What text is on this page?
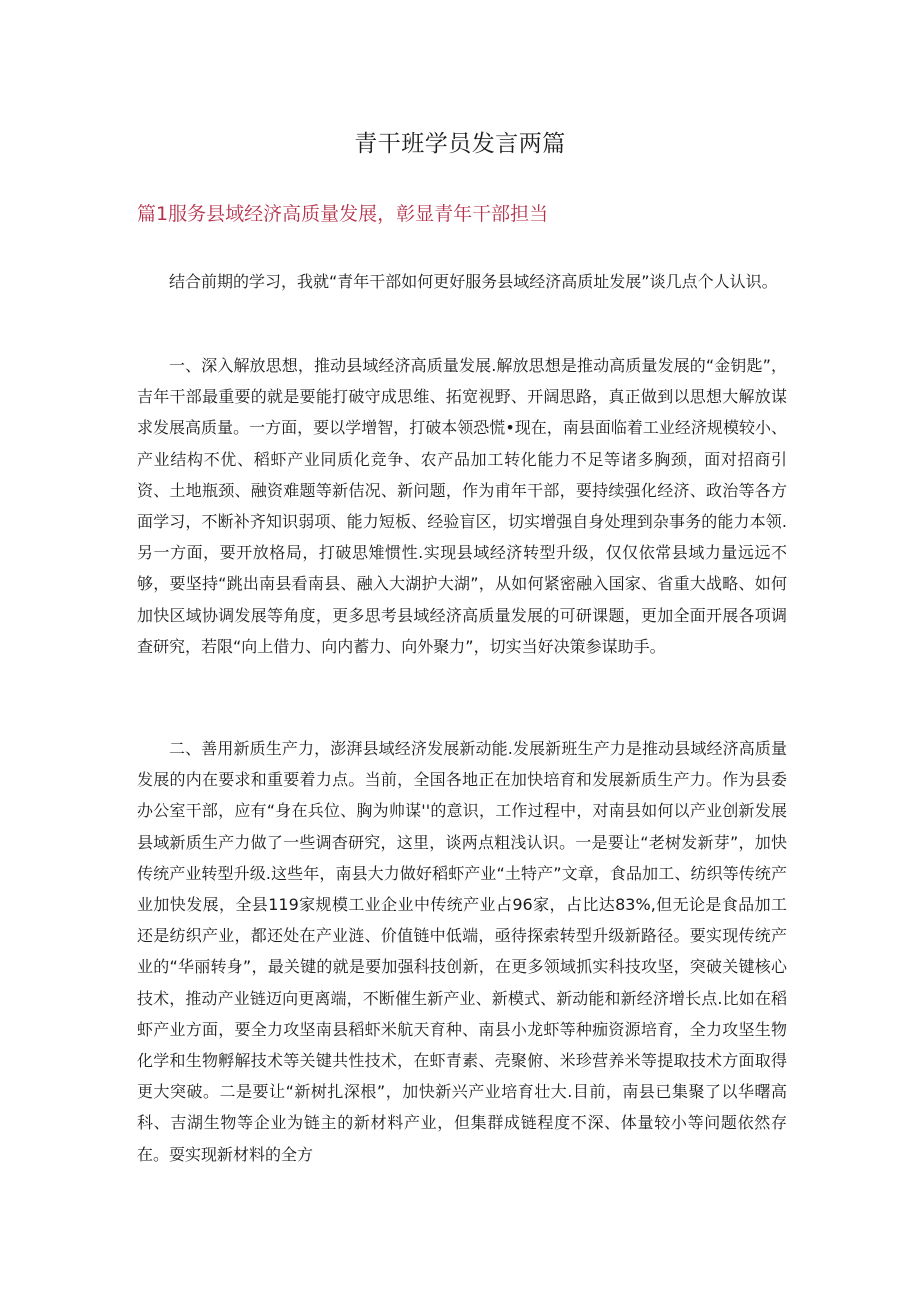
青干班学员发言两篇
篇1服务县域经济高质量发展，彰显青年干部担当

结合前期的学习，我就“青年干部如何更好服务县域经济高质址发展”谈几点个人认识。

一、深入解放思想，推动县域经济高质量发展.解放思想是推动高质量发展的“金钥匙”，吉年干部最重要的就是要能打破守成思维、拓宽视野、开阔思路，真正做到以思想大解放谋求发展高质量。一方面，要以学增智，打破本领恐慌•现在，南县面临着工业经济规模较小、产业结构不优、稻虾产业同质化竞争、农产品加工转化能力不足等诸多胸颈，面对招商引资、土地瓶颈、融资难题等新佶况、新问题，作为甫年干部，要持续强化经济、政治等各方面学习，不断补齐知识弱项、能力短板、经验盲区，切实增强自身处理到杂事务的能力本领.另一方面，要开放格局，打破思雉惯性.实现县域经济转型升级，仅仅依常县域力量远远不够，要坚持“跳出南县看南县、融入大湖护大湖”，从如何紧密融入国家、省重大战略、如何加快区域协调发展等角度，更多思考县域经济高质量发展的可研课题，更加全面开展各项调查研究，若限“向上借力、向内蓄力、向外聚力”，切实当好决策参谋助手。

二、善用新质生产力，澎湃县域经济发展新动能.发展新班生产力是推动县域经济高质量发展的内在要求和重要着力点。当前，全国各地正在加快培育和发展新质生产力。作为县委办公室干部，应有“身在兵位、胸为帅谋''的意识，工作过程中，对南县如何以产业创新发展县域新质生产力做了一些调杳研究，这里，谈两点粗浅认识。一是要让“老树发新芽”，加快传统产业转型升级.这些年，南县大力做好稻虾产业“土特产”文章，食品加工、纺织等传统产业加快发展，全县119家规模工业企业中传统产业占96家，占比达83%,但无论是食品加工还是纺织产业，都还处在产业涟、价值链中低端，亟待探索转型升级新路径。要实现传统产业的“华丽转身”，最关键的就是要加强科技创新，在更多领域抓实科技攻坚，突破关键核心技术，推动产业链迈向更离端，不断催生新产业、新模式、新动能和新经济增长点.比如在稻虾产业方面，要全力攻坚南县稻虾米航天育种、南县小龙虾等种痂资源培育，全力攻坚生物化学和生物孵解技术等关键共性技术，在虾青素、壳聚俯、米珍营养米等提取技术方面取得更大突破。二是要让“新树扎深根”，加快新兴产业培育壮大.目前，南县已集聚了以华曙高科、吉湖生物等企业为链主的新材料产业，但集群成链程度不深、体量较小等问题依然存在。耍实现新材料的全方
